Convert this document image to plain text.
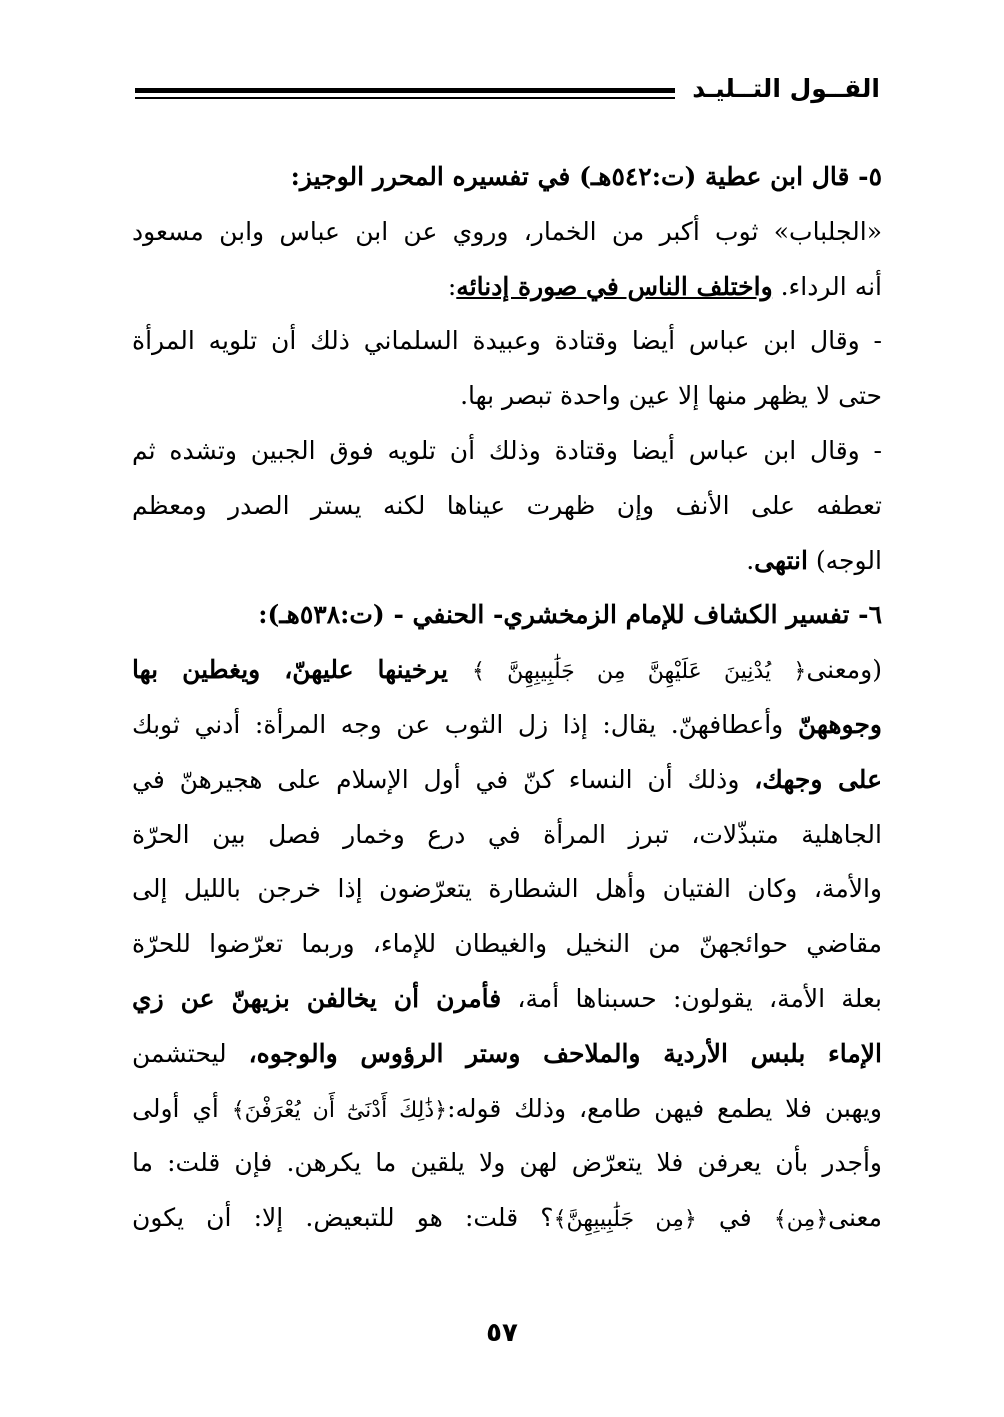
القــول التــليـد
٥- قال ابن عطية (ت:٥٤٢هـ) في تفسيره المحرر الوجيز:
«الجلباب» ثوب أكبر من الخمار، وروي عن ابن عباس وابن مسعود
أنه الرداء. واختلف الناس في صورة إدنائه:
- وقال ابن عباس أيضا وقتادة وعبيدة السلماني ذلك أن تلويه المرأة
حتى لا يظهر منها إلا عين واحدة تبصر بها.
- وقال ابن عباس أيضا وقتادة وذلك أن تلويه فوق الجبين وتشده ثم
تعطفه على الأنف وإن ظهرت عيناها لكنه يستر الصدر ومعظم
الوجه) انتهى.
٦- تفسير الكشاف للإمام الزمخشري- الحنفي - (ت:٥٣٨هـ):
(ومعنى﴿ يُدْنِينَ عَلَيْهِنَّ مِن جَلَٰبِيبِهِنَّ ﴾ يرخينها عليهنّ، ويغطين بها
وجوههنّ وأعطافهنّ. يقال: إذا زل الثوب عن وجه المرأة: أدني ثوبك
على وجهك، وذلك أن النساء كنّ في أول الإسلام على هجيرهنّ في
الجاهلية متبذّلات، تبرز المرأة في درع وخمار فصل بين الحرّة
والأمة، وكان الفتيان وأهل الشطارة يتعرّضون إذا خرجن بالليل إلى
مقاضي حوائجهنّ من النخيل والغيطان للإماء، وربما تعرّضوا للحرّة
بعلة الأمة، يقولون: حسبناها أمة، فأمرن أن يخالفن بزيهنّ عن زي
الإماء بلبس الأردية والملاحف وستر الرؤوس والوجوه، ليحتشمن
ويهبن فلا يطمع فيهن طامع، وذلك قوله:﴿ذَٰلِكَ أَدْنَىٰٓ أَن يُعْرَفْنَ﴾ أي أولى
وأجدر بأن يعرفن فلا يتعرّض لهن ولا يلقين ما يكرهن. فإن قلت: ما
معنى﴿مِن﴾ في ﴿مِن جَلَٰبِيبِهِنَّ﴾؟ قلت: هو للتبعيض. إلا: أن يكون
٥٧
